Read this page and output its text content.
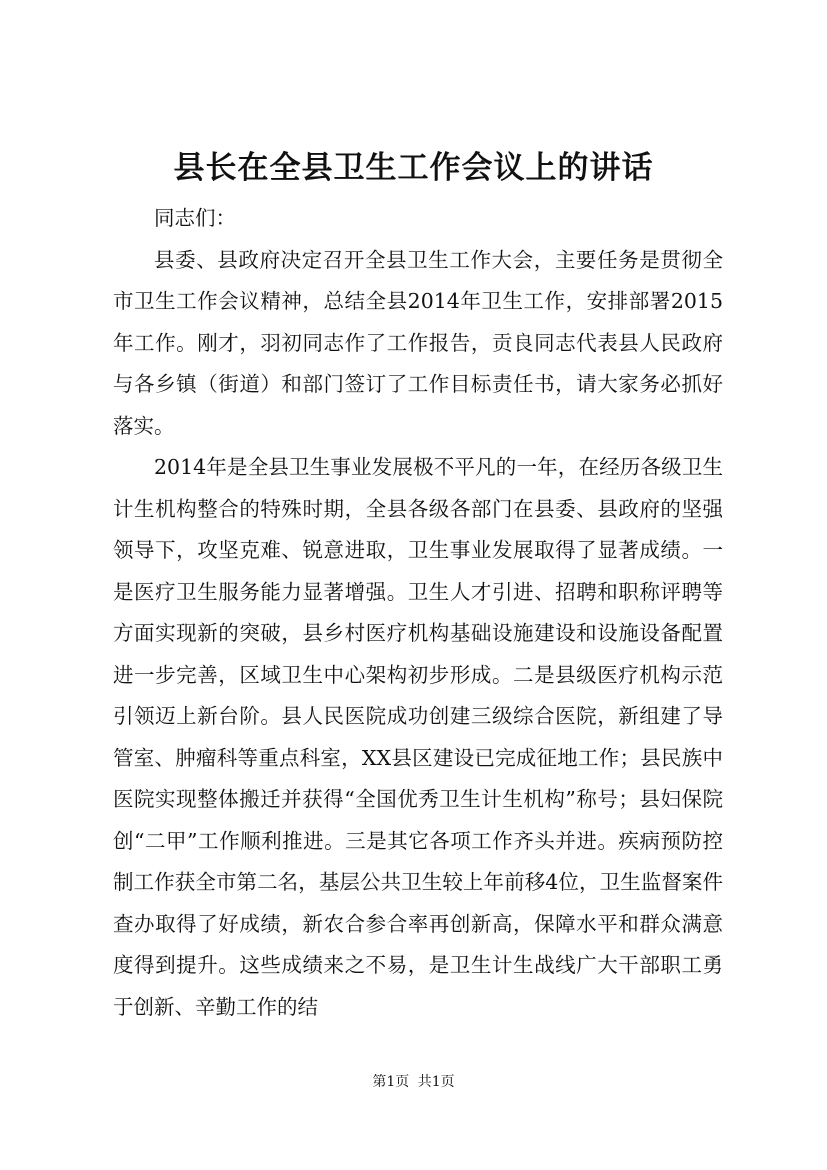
县长在全县卫生工作会议上的讲话

同志们：

县委、县政府决定召开全县卫生工作大会，主要任务是贯彻全市卫生工作会议精神，总结全县2014年卫生工作，安排部署2015年工作。刚才，羽初同志作了工作报告，贡良同志代表县人民政府与各乡镇（街道）和部门签订了工作目标责任书，请大家务必抓好落实。

2014年是全县卫生事业发展极不平凡的一年，在经历各级卫生计生机构整合的特殊时期，全县各级各部门在县委、县政府的坚强领导下，攻坚克难、锐意进取，卫生事业发展取得了显著成绩。一是医疗卫生服务能力显著增强。卫生人才引进、招聘和职称评聘等方面实现新的突破，县乡村医疗机构基础设施建设和设施设备配置进一步完善，区域卫生中心架构初步形成。二是县级医疗机构示范引领迈上新台阶。县人民医院成功创建三级综合医院，新组建了导管室、肿瘤科等重点科室，XX县区建设已完成征地工作；县民族中医院实现整体搬迁并获得“全国优秀卫生计生机构”称号；县妇保院创“二甲”工作顺利推进。三是其它各项工作齐头并进。疾病预防控制工作获全市第二名，基层公共卫生较上年前移4位，卫生监督案件查办取得了好成绩，新农合参合率再创新高，保障水平和群众满意度得到提升。这些成绩来之不易，是卫生计生战线广大干部职工勇于创新、辛勤工作的结

第1页 共1页
